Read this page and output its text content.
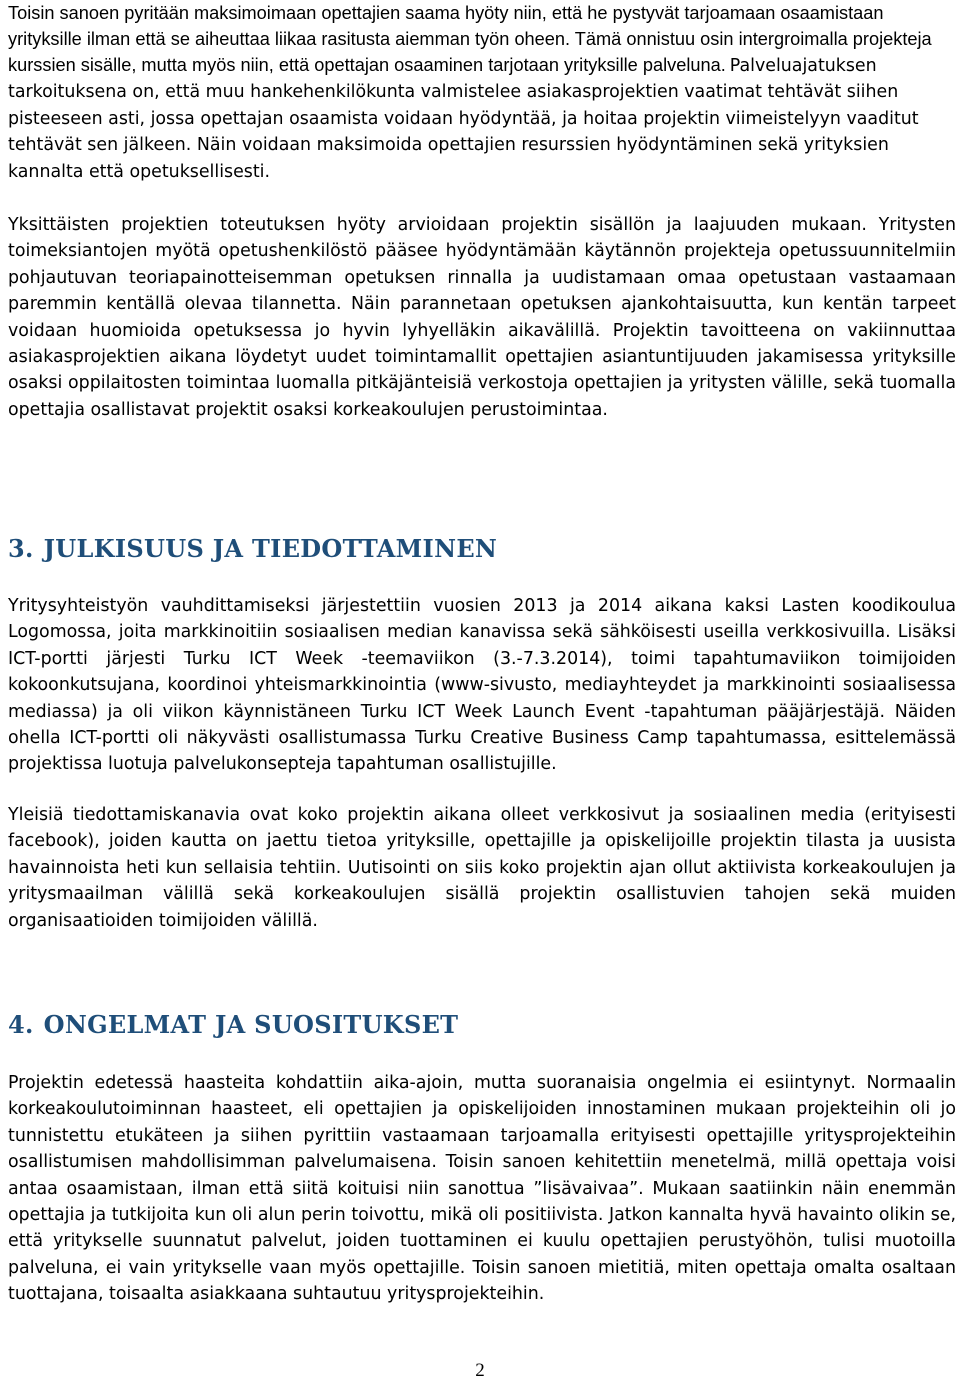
Toisin sanoen pyritään maksimoimaan opettajien saama hyöty niin, että he pystyvät tarjoamaan osaamistaan yrityksille ilman että se aiheuttaa liikaa rasitusta aiemman työn oheen. Tämä onnistuu osin intergroimalla projekteja kurssien sisälle, mutta myös niin, että opettajan osaaminen tarjotaan yrityksille palveluna.

Palveluajatuksen tarkoituksena on, että muu hankehenkilökunta valmistelee asiakasprojektien vaatimat tehtävät siihen pisteeseen asti, jossa opettajan osaamista voidaan hyödyntää, ja hoitaa projektin viimeistelyyn vaaditut tehtävät sen jälkeen. Näin voidaan maksimoida opettajien resurssien hyödyntäminen sekä yrityksien kannalta että opetuksellisesti.

Yksittäisten projektien toteutuksen hyöty arvioidaan projektin sisällön ja laajuuden mukaan. Yritysten toimeksiantojen myötä opetushenkilöstö pääsee hyödyntämään käytännön projekteja opetussuunnitelmiin pohjautuvan teoriapainotteisemman opetuksen rinnalla ja uudistamaan omaa opetustaan vastaamaan paremmin kentällä olevaa tilannetta. Näin parannetaan opetuksen ajankohtaisuutta, kun kentän tarpeet voidaan huomioida opetuksessa jo hyvin lyhyelläkin aikavälillä. Projektin tavoitteena on vakiinnuttaa asiakasprojektien aikana löydetyt uudet toimintamallit opettajien asiantuntijuuden jakamisessa yrityksille osaksi oppilaitosten toimintaa luomalla pitkäjänteisiä verkostoja opettajien ja yritysten välille, sekä tuomalla opettajia osallistavat projektit osaksi korkeakoulujen perustoimintaa.

3. JULKISUUS JA TIEDOTTAMINEN

Yritysyhteistyön vauhdittamiseksi järjestettiin vuosien 2013 ja 2014 aikana kaksi Lasten koodikoulua Logomossa, joita markkinoitiin sosiaalisen median kanavissa sekä sähköisesti useilla verkkosivuilla. Lisäksi ICT-portti järjesti Turku ICT Week -teemaviikon (3.-7.3.2014), toimi tapahtumaviikon toimijoiden kokoonkutsujana, koordinoi yhteismarkkinointia (www-sivusto, mediayhteydet ja markkinointi sosiaalisessa mediassa) ja oli viikon käynnistäneen Turku ICT Week Launch Event -tapahtuman pääjärjestäjä. Näiden ohella ICT-portti oli näkyvästi osallistumassa Turku Creative Business Camp tapahtumassa, esittelemässä projektissa luotuja palvelukonsepteja tapahtuman osallistujille.

Yleisiä tiedottamiskanavia ovat koko projektin aikana olleet verkkosivut ja sosiaalinen media (erityisesti facebook), joiden kautta on jaettu tietoa yrityksille, opettajille ja opiskelijoille projektin tilasta ja uusista havainnoista heti kun sellaisia tehtiin. Uutisointi on siis koko projektin ajan ollut aktiivista korkeakoulujen ja yritysmaailman välillä sekä korkeakoulujen sisällä projektin osallistuvien tahojen sekä muiden organisaatioiden toimijoiden välillä.

4. ONGELMAT JA SUOSITUKSET

Projektin edetessä haasteita kohdattiin aika-ajoin, mutta suoranaisia ongelmia ei esiintynyt. Normaalin korkeakoulutoiminnan haasteet, eli opettajien ja opiskelijoiden innostaminen mukaan projekteihin oli jo tunnistettu etukäteen ja siihen pyrittiin vastaamaan tarjoamalla erityisesti opettajille yritysprojekteihin osallistumisen mahdollisimman palvelumaisena. Toisin sanoen kehitettiin menetelmä, millä opettaja voisi antaa osaamistaan, ilman että siitä koituisi niin sanottua ”lisävaivaa”. Mukaan saatiinkin näin enemmän opettajia ja tutkijoita kun oli alun perin toivottu, mikä oli positiivista. Jatkon kannalta hyvä havainto olikin se, että yritykselle suunnatut palvelut, joiden tuottaminen ei kuulu opettajien perustyöhön, tulisi muotoilla palveluna, ei vain yritykselle vaan myös opettajille. Toisin sanoen mietitiä, miten opettaja omalta osaltaan tuottajana, toisaalta asiakkaana suhtautuu yritysprojekteihin.

2
